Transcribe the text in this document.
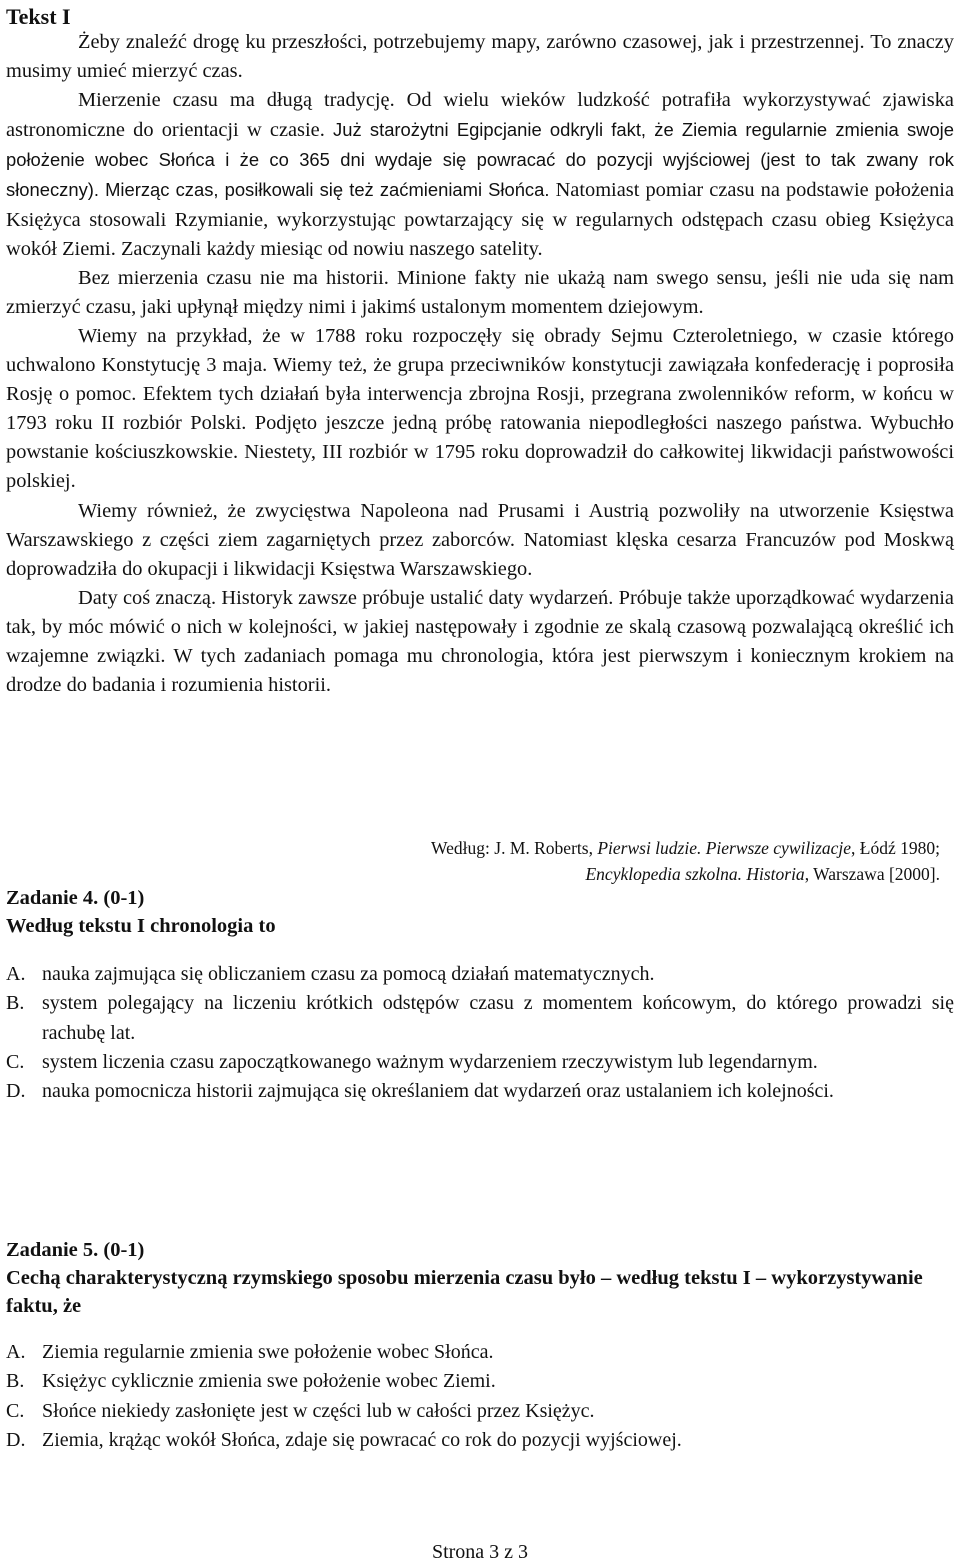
Tekst I

Żeby znaleźć drogę ku przeszłości, potrzebujemy mapy, zarówno czasowej, jak i przestrzennej. To znaczy musimy umieć mierzyć czas.

Mierzenie czasu ma długą tradycję. Od wielu wieków ludzkość potrafiła wykorzystywać zjawiska astronomiczne do orientacji w czasie. Już starożytni Egipcjanie odkryli fakt, że Ziemia regularnie zmienia swoje położenie wobec Słońca i że co 365 dni wydaje się powracać do pozycji wyjściowej (jest to tak zwany rok słoneczny). Mierząc czas, posiłkowali się też zaćmieniami Słońca. Natomiast pomiar czasu na podstawie położenia Księżyca stosowali Rzymianie, wykorzystując powtarzający się w regularnych odstępach czasu obieg Księżyca wokół Ziemi. Zaczynali każdy miesiąc od nowiu naszego satelity.

Bez mierzenia czasu nie ma historii. Minione fakty nie ukażą nam swego sensu, jeśli nie uda się nam zmierzyć czasu, jaki upłynął między nimi i jakimś ustalonym momentem dziejowym.

Wiemy na przykład, że w 1788 roku rozpoczęły się obrady Sejmu Czteroletniego, w czasie którego uchwalono Konstytucję 3 maja. Wiemy też, że grupa przeciwników konstytucji zawiązała konfederację i poprosiła Rosję o pomoc. Efektem tych działań była interwencja zbrojna Rosji, przegrana zwolenników reform, w końcu w 1793 roku II rozbiór Polski. Podjęto jeszcze jedną próbę ratowania niepodległości naszego państwa. Wybuchło powstanie kościuszkowskie. Niestety, III rozbiór w 1795 roku doprowadził do całkowitej likwidacji państwowości polskiej.

Wiemy również, że zwycięstwa Napoleona nad Prusami i Austrią pozwoliły na utworzenie Księstwa Warszawskiego z części ziem zagarniętych przez zaborców. Natomiast klęska cesarza Francuzów pod Moskwą doprowadziła do okupacji i likwidacji Księstwa Warszawskiego.

Daty coś znaczą. Historyk zawsze próbuje ustalić daty wydarzeń. Próbuje także uporządkować wydarzenia tak, by móc mówić o nich w kolejności, w jakiej następowały i zgodnie ze skalą czasową pozwalającą określić ich wzajemne związki. W tych zadaniach pomaga mu chronologia, która jest pierwszym i koniecznym krokiem na drodze do badania i rozumienia historii.

Według: J. M. Roberts, Pierwsi ludzie. Pierwsze cywilizacje, Łódź 1980;
Encyklopedia szkolna. Historia, Warszawa [2000].

Zadanie 4. (0-1)

Według tekstu I chronologia to

A. nauka zajmująca się obliczaniem czasu za pomocą działań matematycznych.
B. system polegający na liczeniu krótkich odstępów czasu z momentem końcowym, do którego prowadzi się rachubę lat.
C. system liczenia czasu zapoczątkowanego ważnym wydarzeniem rzeczywistym lub legendarnym.
D. nauka pomocnicza historii zajmująca się określaniem dat wydarzeń oraz ustalaniem ich kolejności.

Zadanie 5. (0-1)

Cechą charakterystyczną rzymskiego sposobu mierzenia czasu było – według tekstu I – wykorzystywanie faktu, że

A. Ziemia regularnie zmienia swe położenie wobec Słońca.
B. Księżyc cyklicznie zmienia swe położenie wobec Ziemi.
C. Słońce niekiedy zasłonięte jest w części lub w całości przez Księżyc.
D. Ziemia, krążąc wokół Słońca, zdaje się powracać co rok do pozycji wyjściowej.
Strona 3 z 3
